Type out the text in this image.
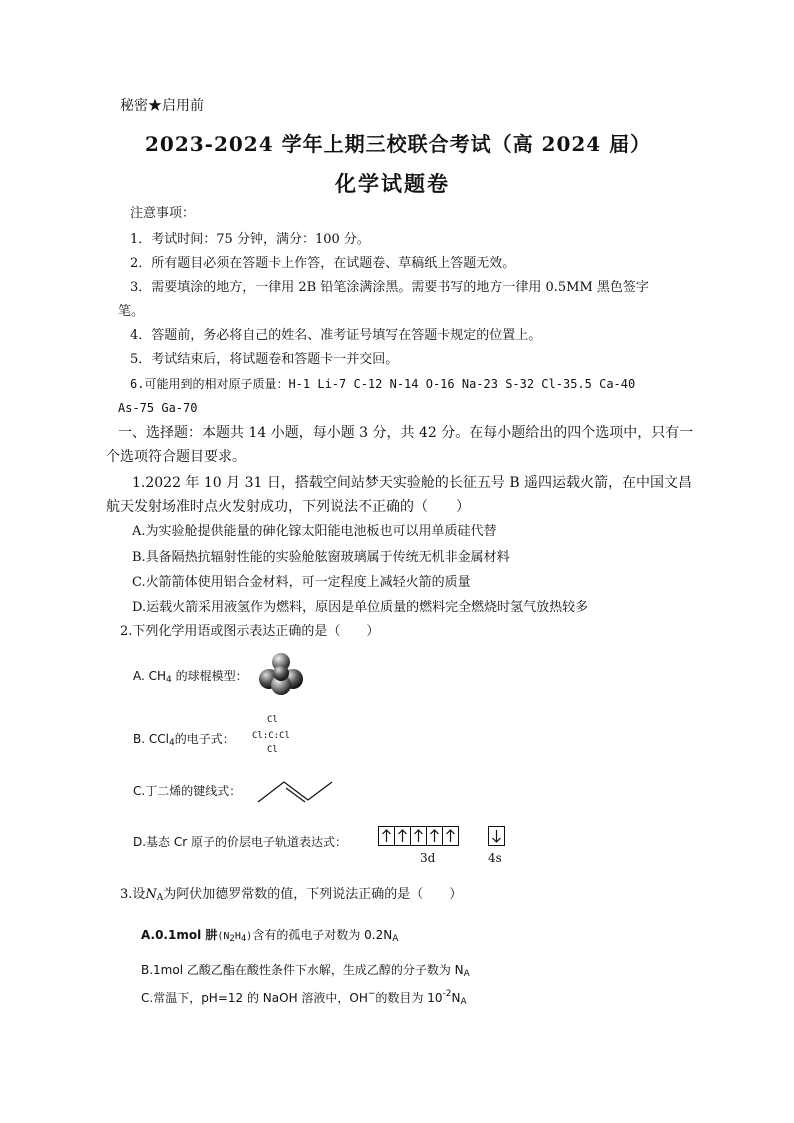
秘密★启用前
2023-2024 学年上期三校联合考试（高 2024 届）
化学试题卷
注意事项：
1．考试时间：75 分钟，满分：100 分。
2．所有题目必须在答题卡上作答，在试题卷、草稿纸上答题无效。
3．需要填涂的地方，一律用 2B 铅笔涂满涂黑。需要书写的地方一律用 0.5MM 黑色签字
笔。
4．答题前，务必将自己的姓名、准考证号填写在答题卡规定的位置上。
5．考试结束后，将试题卷和答题卡一并交回。
6.可能用到的相对原子质量：H-1 Li-7 C-12 N-14 O-16 Na-23 S-32 Cl-35.5 Ca-40
As-75 Ga-70
一、选择题：本题共 14 小题，每小题 3 分，共 42 分。在每小题给出的四个选项中，只有一
个选项符合题目要求。
1.2022 年 10 月 31 日，搭载空间站梦天实验舱的长征五号 B 遥四运载火箭，在中国文昌
航天发射场准时点火发射成功，下列说法不正确的（　　）
A.为实验舱提供能量的砷化镓太阳能电池板也可以用单质硅代替
B.具备隔热抗辐射性能的实验舱舷窗玻璃属于传统无机非金属材料
C.火箭箭体使用铝合金材料，可一定程度上减轻火箭的质量
D.运载火箭采用液氢作为燃料，原因是单位质量的燃料完全燃烧时氢气放热较多
2.下列化学用语或图示表达正确的是（　　）
A. $CH_4$ 的球棍模型：
B. CCl$_4$的电子式：
Cl
Cl:C:Cl
Cl
C.丁二烯的键线式：
D.基态 Cr 原子的价层电子轨道表达式：
3d	4s
3.设$N_A$为阿伏加德罗常数的值，下列说法正确的是（　　）
A.0.1mol 肼(N2H4)含有的孤电子对数为 $0.2N_A$
B.1mol 乙酸乙酯在酸性条件下水解，生成乙醇的分子数为 $N_A$
C.常温下，pH=12 的 NaOH 溶液中，OH−的数目为 $10^{-2}N_A$
